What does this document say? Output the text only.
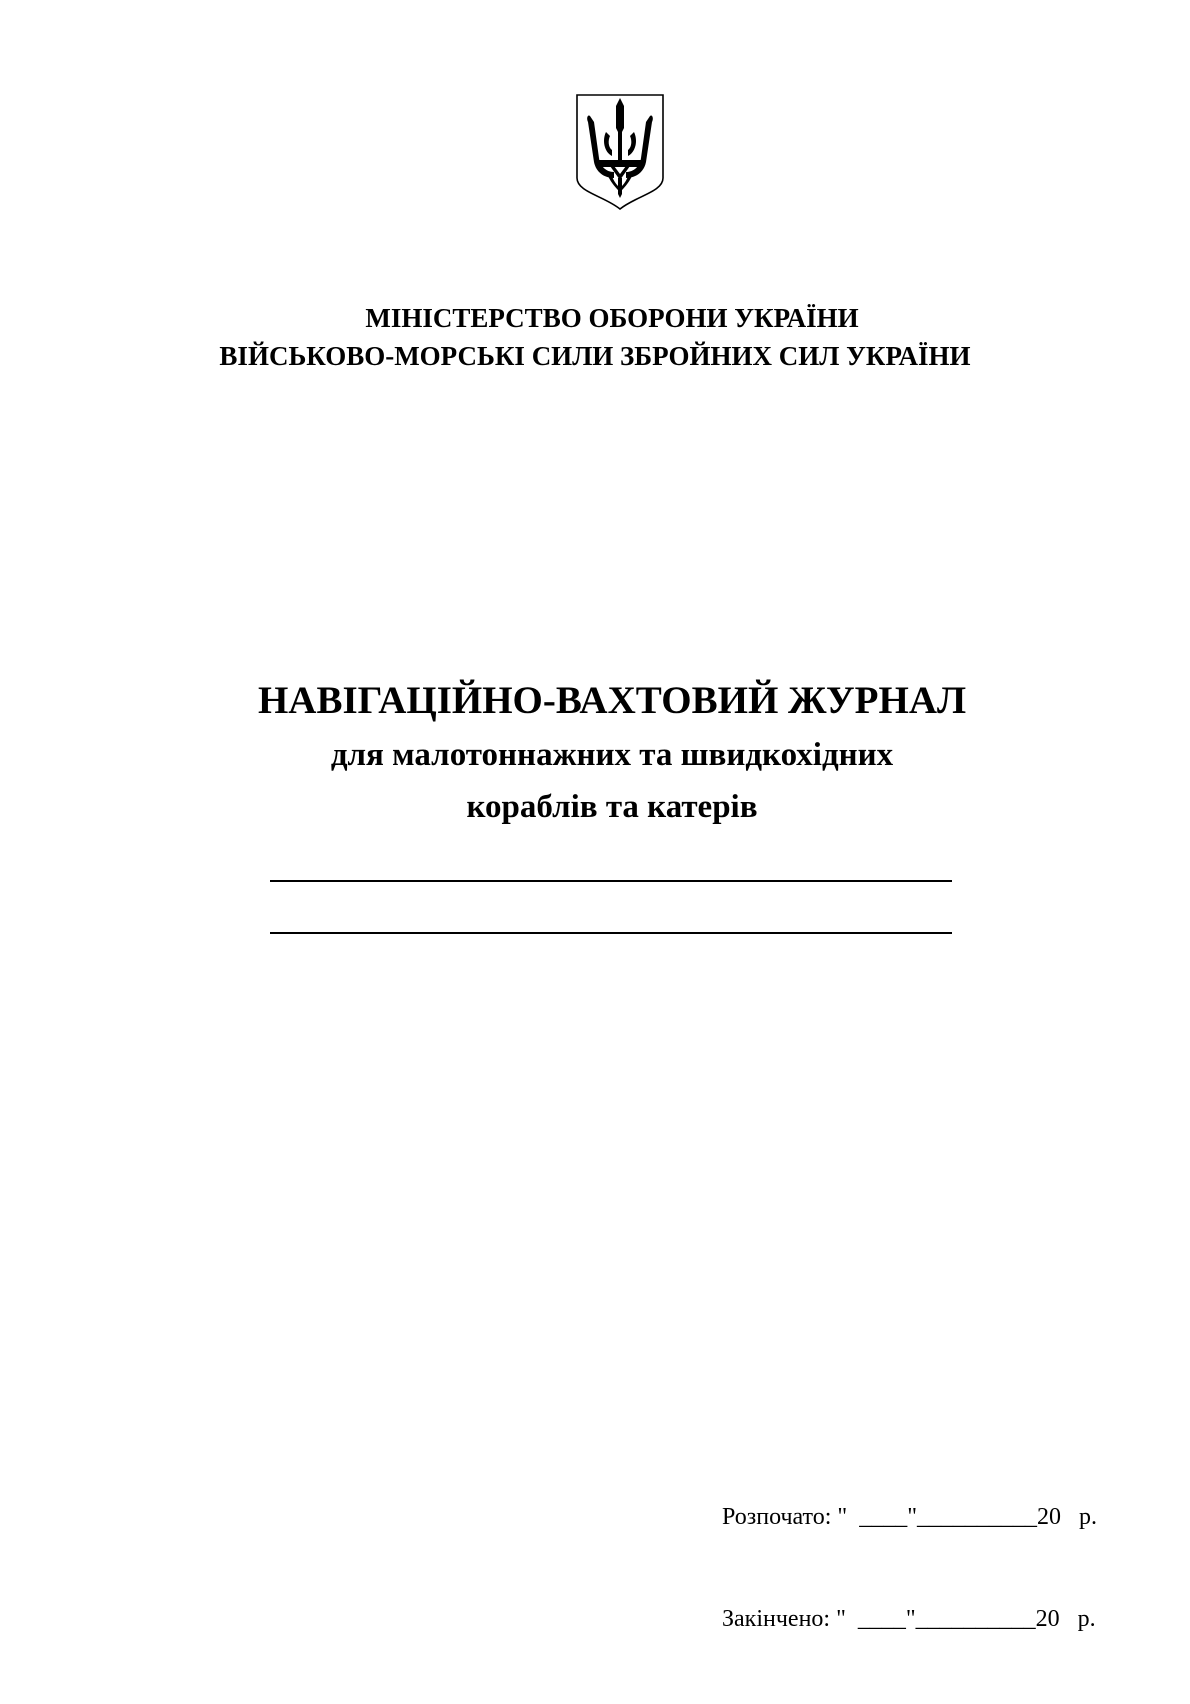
МІНІСТЕРСТВО ОБОРОНИ УКРАЇНИ
ВІЙСЬКОВО-МОРСЬКІ СИЛИ ЗБРОЙНИХ СИЛ УКРАЇНИ
НАВІГАЦІЙНО-ВАХТОВИЙ ЖУРНАЛ
для малотоннажних та швидкохідних
кораблів та катерів

Розпочато: "  ____"__________20   р.

Закінчено: "  ____"__________20   р.
